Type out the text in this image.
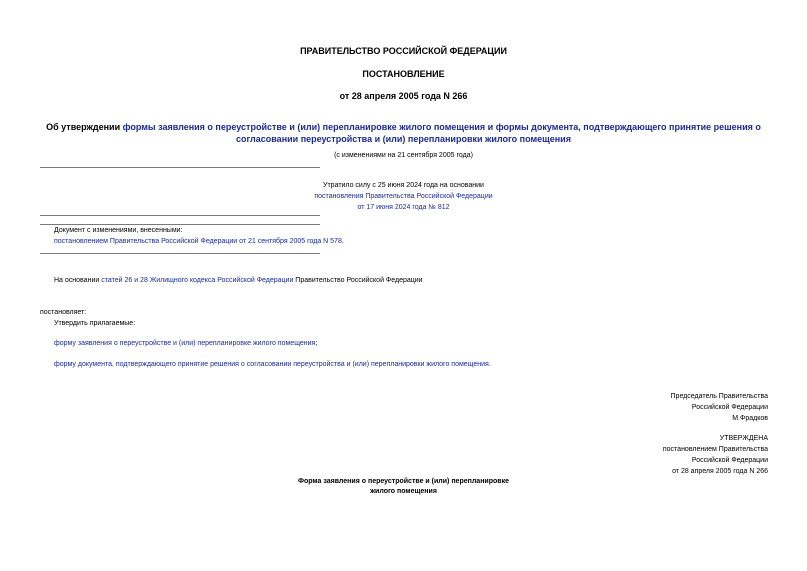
ПРАВИТЕЛЬСТВО РОССИЙСКОЙ ФЕДЕРАЦИИ
ПОСТАНОВЛЕНИЕ
от 28 апреля 2005 года N 266
Об утверждении формы заявления о переустройстве и (или) перепланировке жилого помещения и формы документа, подтверждающего принятие решения о согласовании переустройства и (или) перепланировки жилого помещения
(с изменениями на 21 сентября 2005 года)
Утратило силу с 25 июня 2024 года на основании
постановления Правительства Российской Федерации
от 17 июня 2024 года № 812
Документ с изменениями, внесенными:
постановлением Правительства Российской Федерации от 21 сентября 2005 года N 578.
На основании статей 26 и 28 Жилищного кодекса Российской Федерации Правительство Российской Федерации
постановляет:
Утвердить прилагаемые:
форму заявления о переустройстве и (или) перепланировке жилого помещения;
форму документа, подтверждающего принятие решения о согласовании переустройства и (или) перепланировки жилого помещения.
Председатель Правительства
Российской Федерации
М.Фрадков
УТВЕРЖДЕНА
постановлением Правительства
Российской Федерации
от 28 апреля 2005 года N 266
Форма заявления о переустройстве и (или) перепланировке
жилого помещения
